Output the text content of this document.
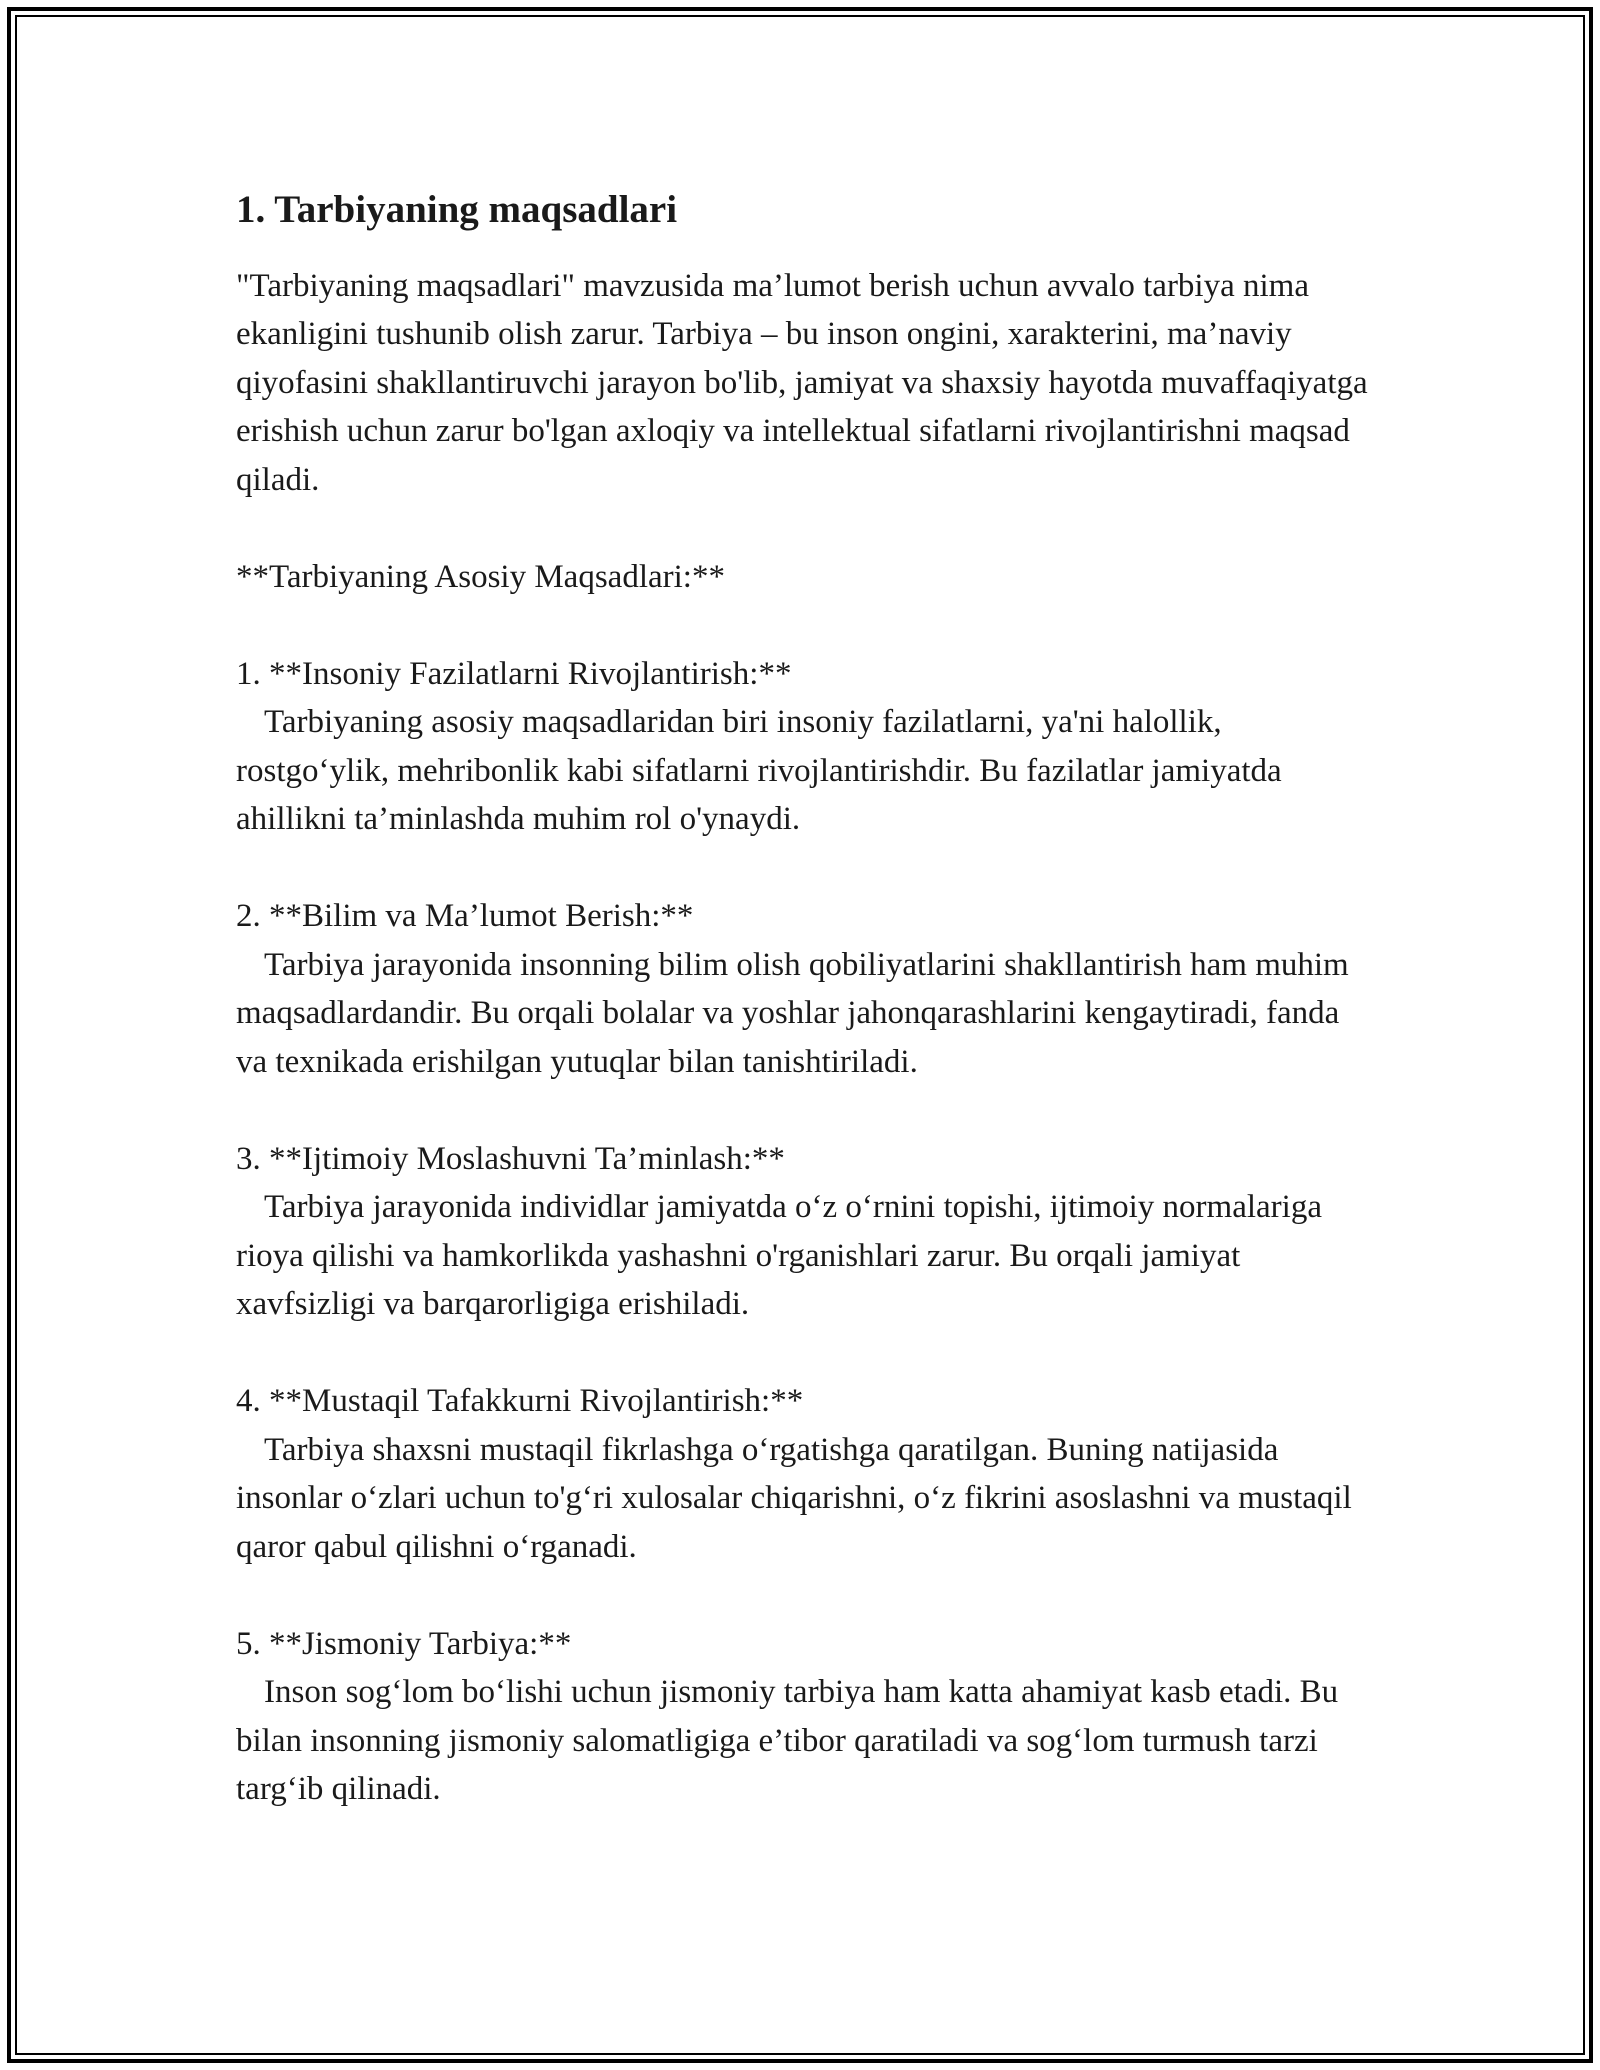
1. Tarbiyaning maqsadlari

"Tarbiyaning maqsadlari" mavzusida ma’lumot berish uchun avvalo tarbiya nima ekanligini tushunib olish zarur. Tarbiya – bu inson ongini, xarakterini, ma’naviy qiyofasini shakllantiruvchi jarayon bo'lib, jamiyat va shaxsiy hayotda muvaffaqiyatga erishish uchun zarur bo'lgan axloqiy va intellektual sifatlarni rivojlantirishni maqsad qiladi.

**Tarbiyaning Asosiy Maqsadlari:**

1. **Insoniy Fazilatlarni Rivojlantirish:**

Tarbiyaning asosiy maqsadlaridan biri insoniy fazilatlarni, ya'ni halollik, rostgo‘ylik, mehribonlik kabi sifatlarni rivojlantirishdir. Bu fazilatlar jamiyatda ahillikni ta’minlashda muhim rol o'ynaydi.

2. **Bilim va Ma’lumot Berish:**

Tarbiya jarayonida insonning bilim olish qobiliyatlarini shakllantirish ham muhim maqsadlardandir. Bu orqali bolalar va yoshlar jahonqarashlarini kengaytiradi, fanda va texnikada erishilgan yutuqlar bilan tanishtiriladi.

3. **Ijtimoiy Moslashuvni Ta’minlash:**

Tarbiya jarayonida individlar jamiyatda o‘z o‘rnini topishi, ijtimoiy normalariga rioya qilishi va hamkorlikda yashashni o'rganishlari zarur. Bu orqali jamiyat xavfsizligi va barqarorligiga erishiladi.

4. **Mustaqil Tafakkurni Rivojlantirish:**

Tarbiya shaxsni mustaqil fikrlashga o‘rgatishga qaratilgan. Buning natijasida insonlar o‘zlari uchun to'g‘ri xulosalar chiqarishni, o‘z fikrini asoslashni va mustaqil qaror qabul qilishni o‘rganadi.

5. **Jismoniy Tarbiya:**

Inson sog‘lom bo‘lishi uchun jismoniy tarbiya ham katta ahamiyat kasb etadi. Bu bilan insonning jismoniy salomatligiga e’tibor qaratiladi va sog‘lom turmush tarzi targ‘ib qilinadi.
